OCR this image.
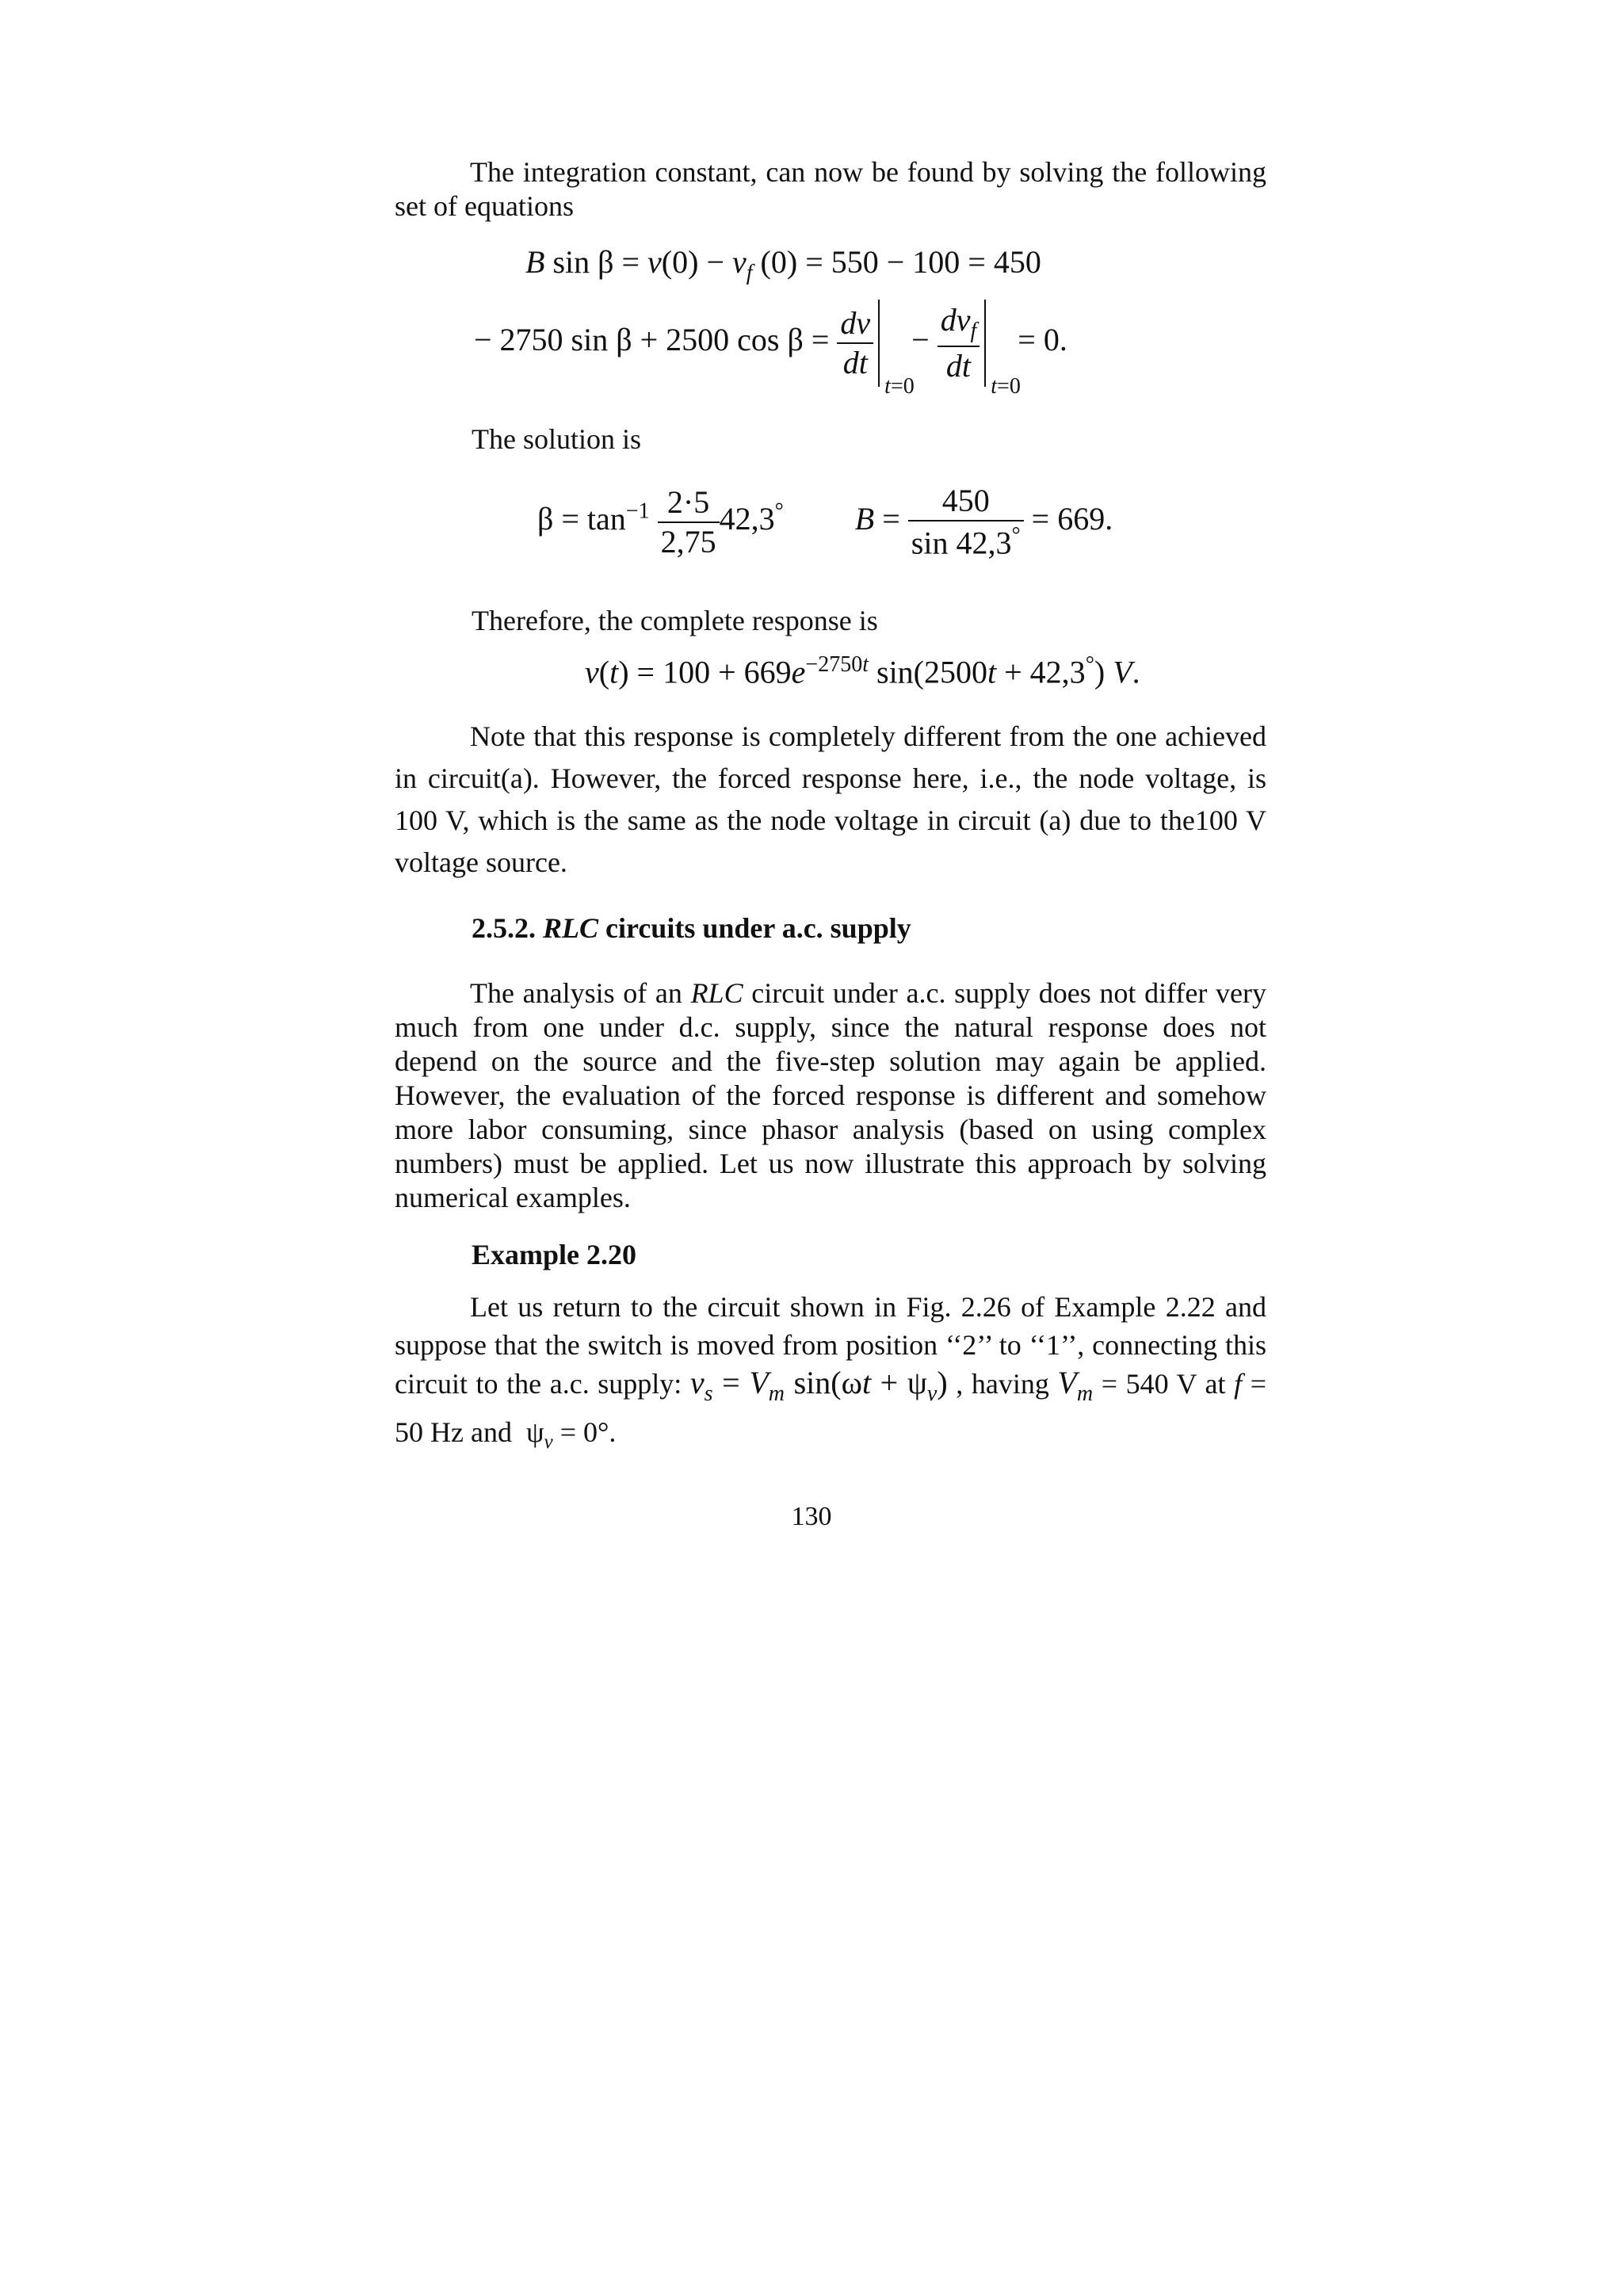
The integration constant, can now be found by solving the following set of equations
B $\sin \beta = v(0) - v_f$ (0) = 550 − 100 = 450
− 2750 sin β + 2500 $\cos \beta = \frac{dv}{dt}$
t=0
− $\frac{dv_f}{dt}$
t=0
= 0.
The solution is
$\beta = \tan^{-1} \frac{2\cdot 5}{2,75} 42,3^\circ$ $B = \frac{450}{\sin 42,3^\circ} = 669$.
Therefore, the complete response is
$v(t) = 100 + 669e^{-2750t}$ sin(2500t + 42,3°) V.
Note that this response is completely different from the one achieved in circuit(a). However, the forced response here, i.e., the node voltage, is 100 V, which is the same as the node voltage in circuit (a) due to the100 V voltage source.
2.5.2. RLC circuits under a.c. supply
The analysis of an RLC circuit under a.c. supply does not differ very much from one under d.c. supply, since the natural response does not depend on the source and the five-step solution may again be applied. However, the evaluation of the forced response is different and somehow more labor consuming, since phasor analysis (based on using complex numbers) must be applied. Let us now illustrate this approach by solving numerical examples.
Example 2.20
Let us return to the circuit shown in Fig. 2.26 of Example 2.22 and suppose that the switch is moved from position ‘‘2’’ to ‘‘1’’, connecting this circuit to the a.c. supply: $v_s = V_m$ $\sin(\omega t + \psi_v)$ , having $V_m = 540$ V at f = 50 Hz and  $\psi_v = 0^\circ$.
130
